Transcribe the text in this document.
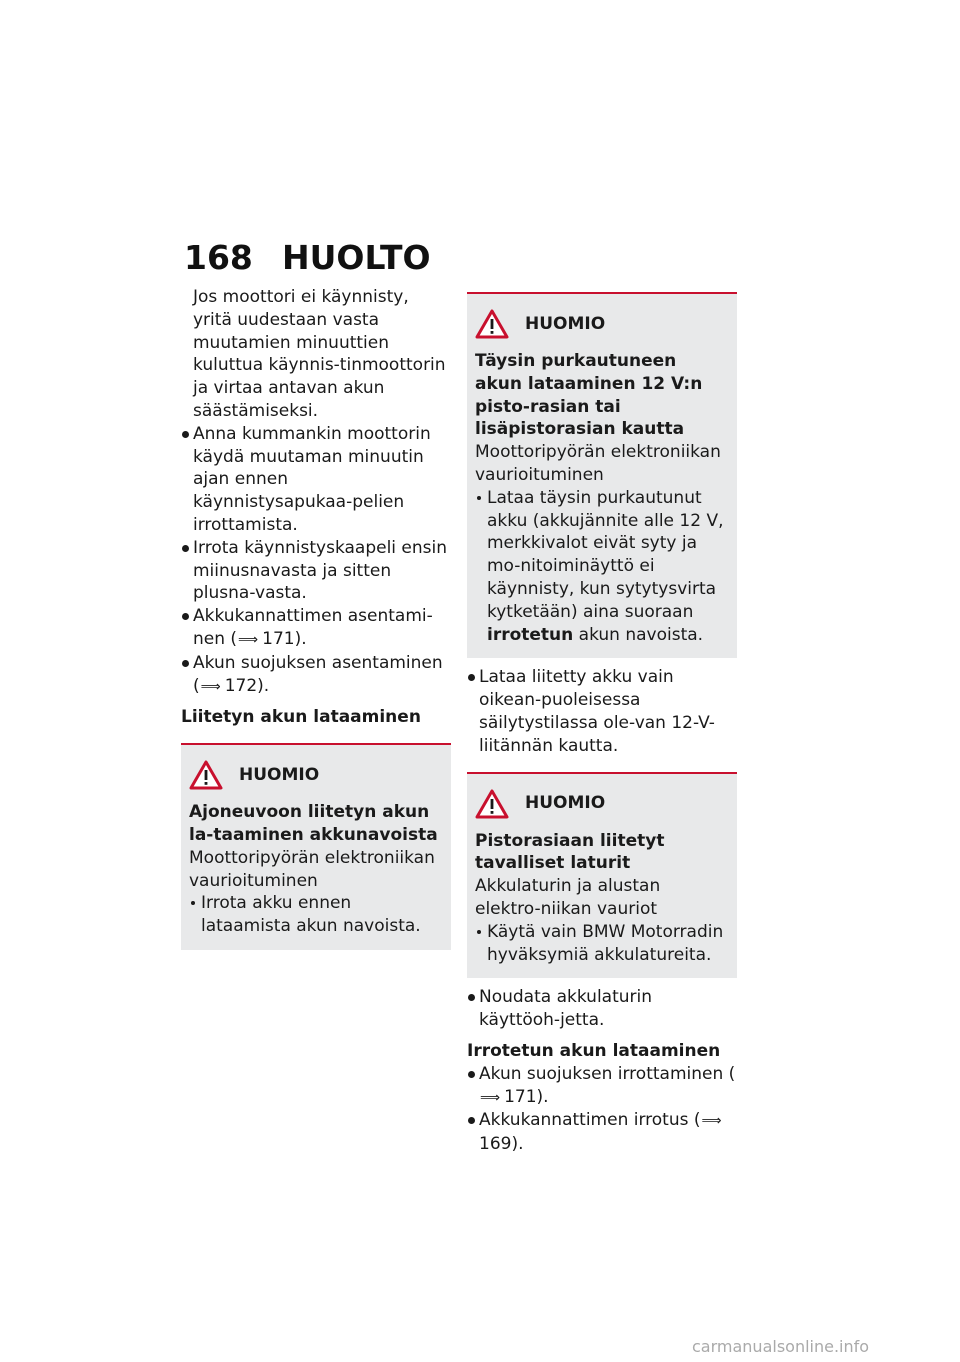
168 HUOLTO

Jos moottori ei käynnisty, yritä uudestaan vasta muutamien minuuttien kuluttua käynnis-tinmoottorin ja virtaa antavan akun säästämiseksi.

Anna kummankin moottorin käydä muutaman minuutin ajan ennen käynnistysapukaa-pelien irrottamista.
Irrota käynnistyskaapeli ensin miinusnavasta ja sitten plusna-vasta.
Akkukannattimen asentami-nen (⟹ 171).
Akun suojuksen asentaminen (⟹ 172).

Liitetyn akun lataaminen

HUOMIO

Ajoneuvoon liitetyn akun la-taaminen akkunavoista

Moottoripyörän elektroniikan vaurioituminen

Irrota akku ennen lataamista akun navoista.
HUOMIO

Täysin purkautuneen akun lataaminen 12 V:n pisto-rasian tai lisäpistorasian kautta

Moottoripyörän elektroniikan vaurioituminen

Lataa täysin purkautunut akku (akkujännite alle 12 V, merkkivalot eivät syty ja mo-nitoiminäyttö ei käynnisty, kun sytytysvirta kytketään) aina suoraan irrotetun akun navoista.
Lataa liitetty akku vain oikean-puoleisessa säilytystilassa ole-van 12-V-liitännän kautta.
HUOMIO

Pistorasiaan liitetyt tavalliset laturit

Akkulaturin ja alustan elektro-niikan vauriot

Käytä vain BMW Motorradin hyväksymiä akkulatureita.
Noudata akkulaturin käyttöoh-jetta.

Irrotetun akun lataaminen

Akun suojuksen irrottaminen (⟹ 171).
Akkukannattimen irrotus (⟹169).
carmanualsonline.info
